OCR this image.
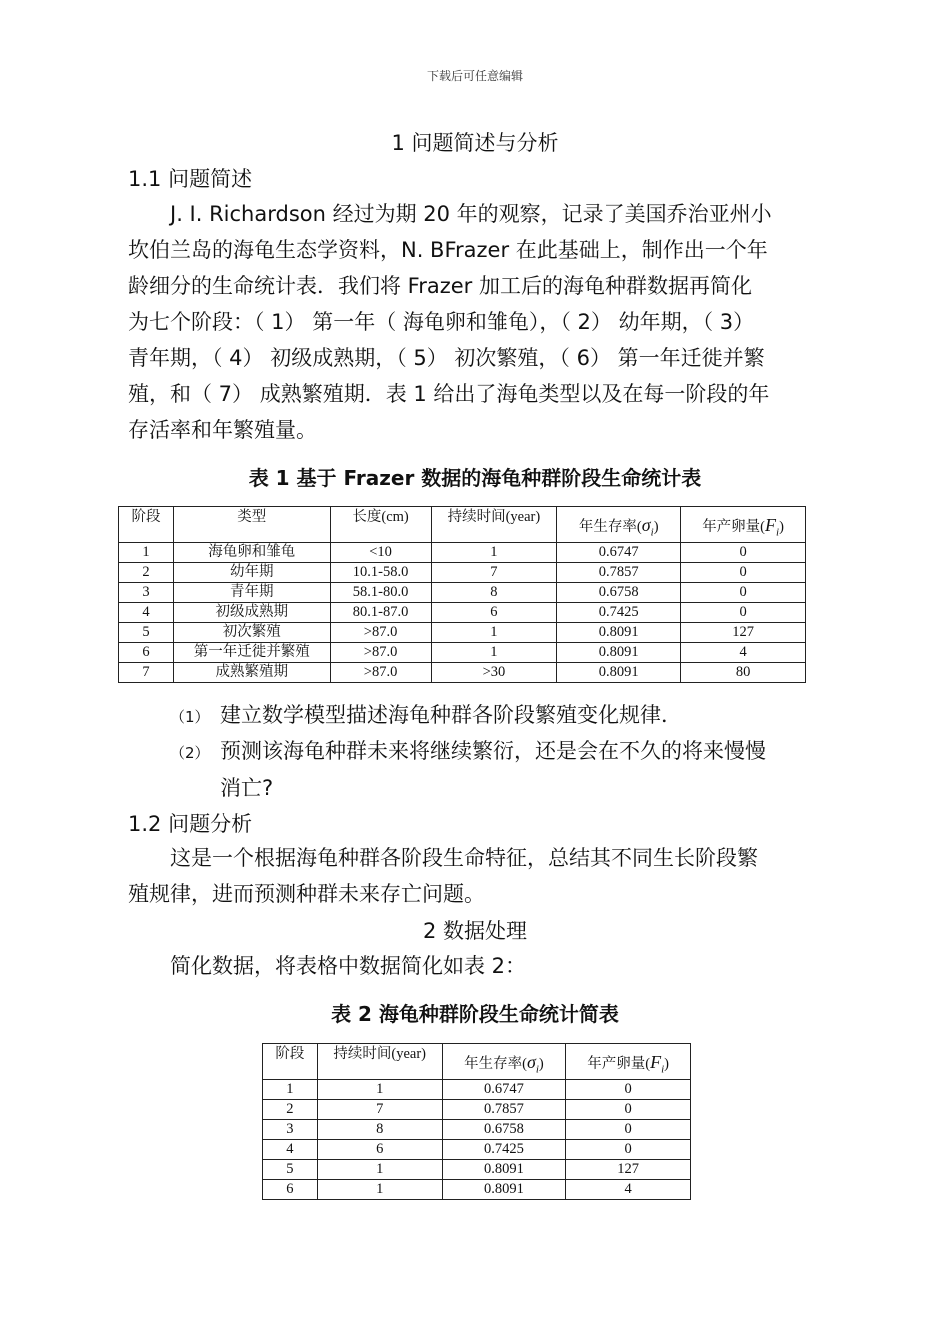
下载后可任意编辑
1 问题简述与分析
1.1 问题简述

J. I. Richardson 经过为期 20 年的观察，记录了美国乔治亚州小

坎伯兰岛的海龟生态学资料，N. BFrazer 在此基础上，制作出一个年

龄细分的生命统计表．我们将 Frazer 加工后的海龟种群数据再简化

为七个阶段：（ 1） 第一年（ 海龟卵和雏龟），（ 2） 幼年期，（ 3）

青年期，（ 4） 初级成熟期，（ 5） 初次繁殖，（ 6） 第一年迁徙并繁

殖，和（ 7） 成熟繁殖期．表 1 给出了海龟类型以及在每一阶段的年

存活率和年繁殖量。

表 1 基于 Frazer 数据的海龟种群阶段生命统计表
阶段	类型	长度(cm)	持续时间(year)	年生存率$(\sigma_i)$	年产卵量$(F_i)$
1	海龟卵和雏龟	<10	1	0.6747	0
2	幼年期	10.1-58.0	7	0.7857	0
3	青年期	58.1-80.0	8	0.6758	0
4	初级成熟期	80.1-87.0	6	0.7425	0
5	初次繁殖	>87.0	1	0.8091	127
6	第一年迁徙并繁殖	>87.0	1	0.8091	4
7	成熟繁殖期	>87.0	>30	0.8091	80
（1） 建立数学模型描述海龟种群各阶段繁殖变化规律．
（2） 预测该海龟种群未来将继续繁衍，还是会在不久的将来慢慢
消亡?
1.2 问题分析

这是一个根据海龟种群各阶段生命特征，总结其不同生长阶段繁

殖规律，进而预测种群未来存亡问题。

2 数据处理

简化数据，将表格中数据简化如表 2：

表 2 海龟种群阶段生命统计简表
阶段	持续时间(year)	年生存率$(\sigma_i)$	年产卵量$(F_i)$
1	1	0.6747	0
2	7	0.7857	0
3	8	0.6758	0
4	6	0.7425	0
5	1	0.8091	127
6	1	0.8091	4
